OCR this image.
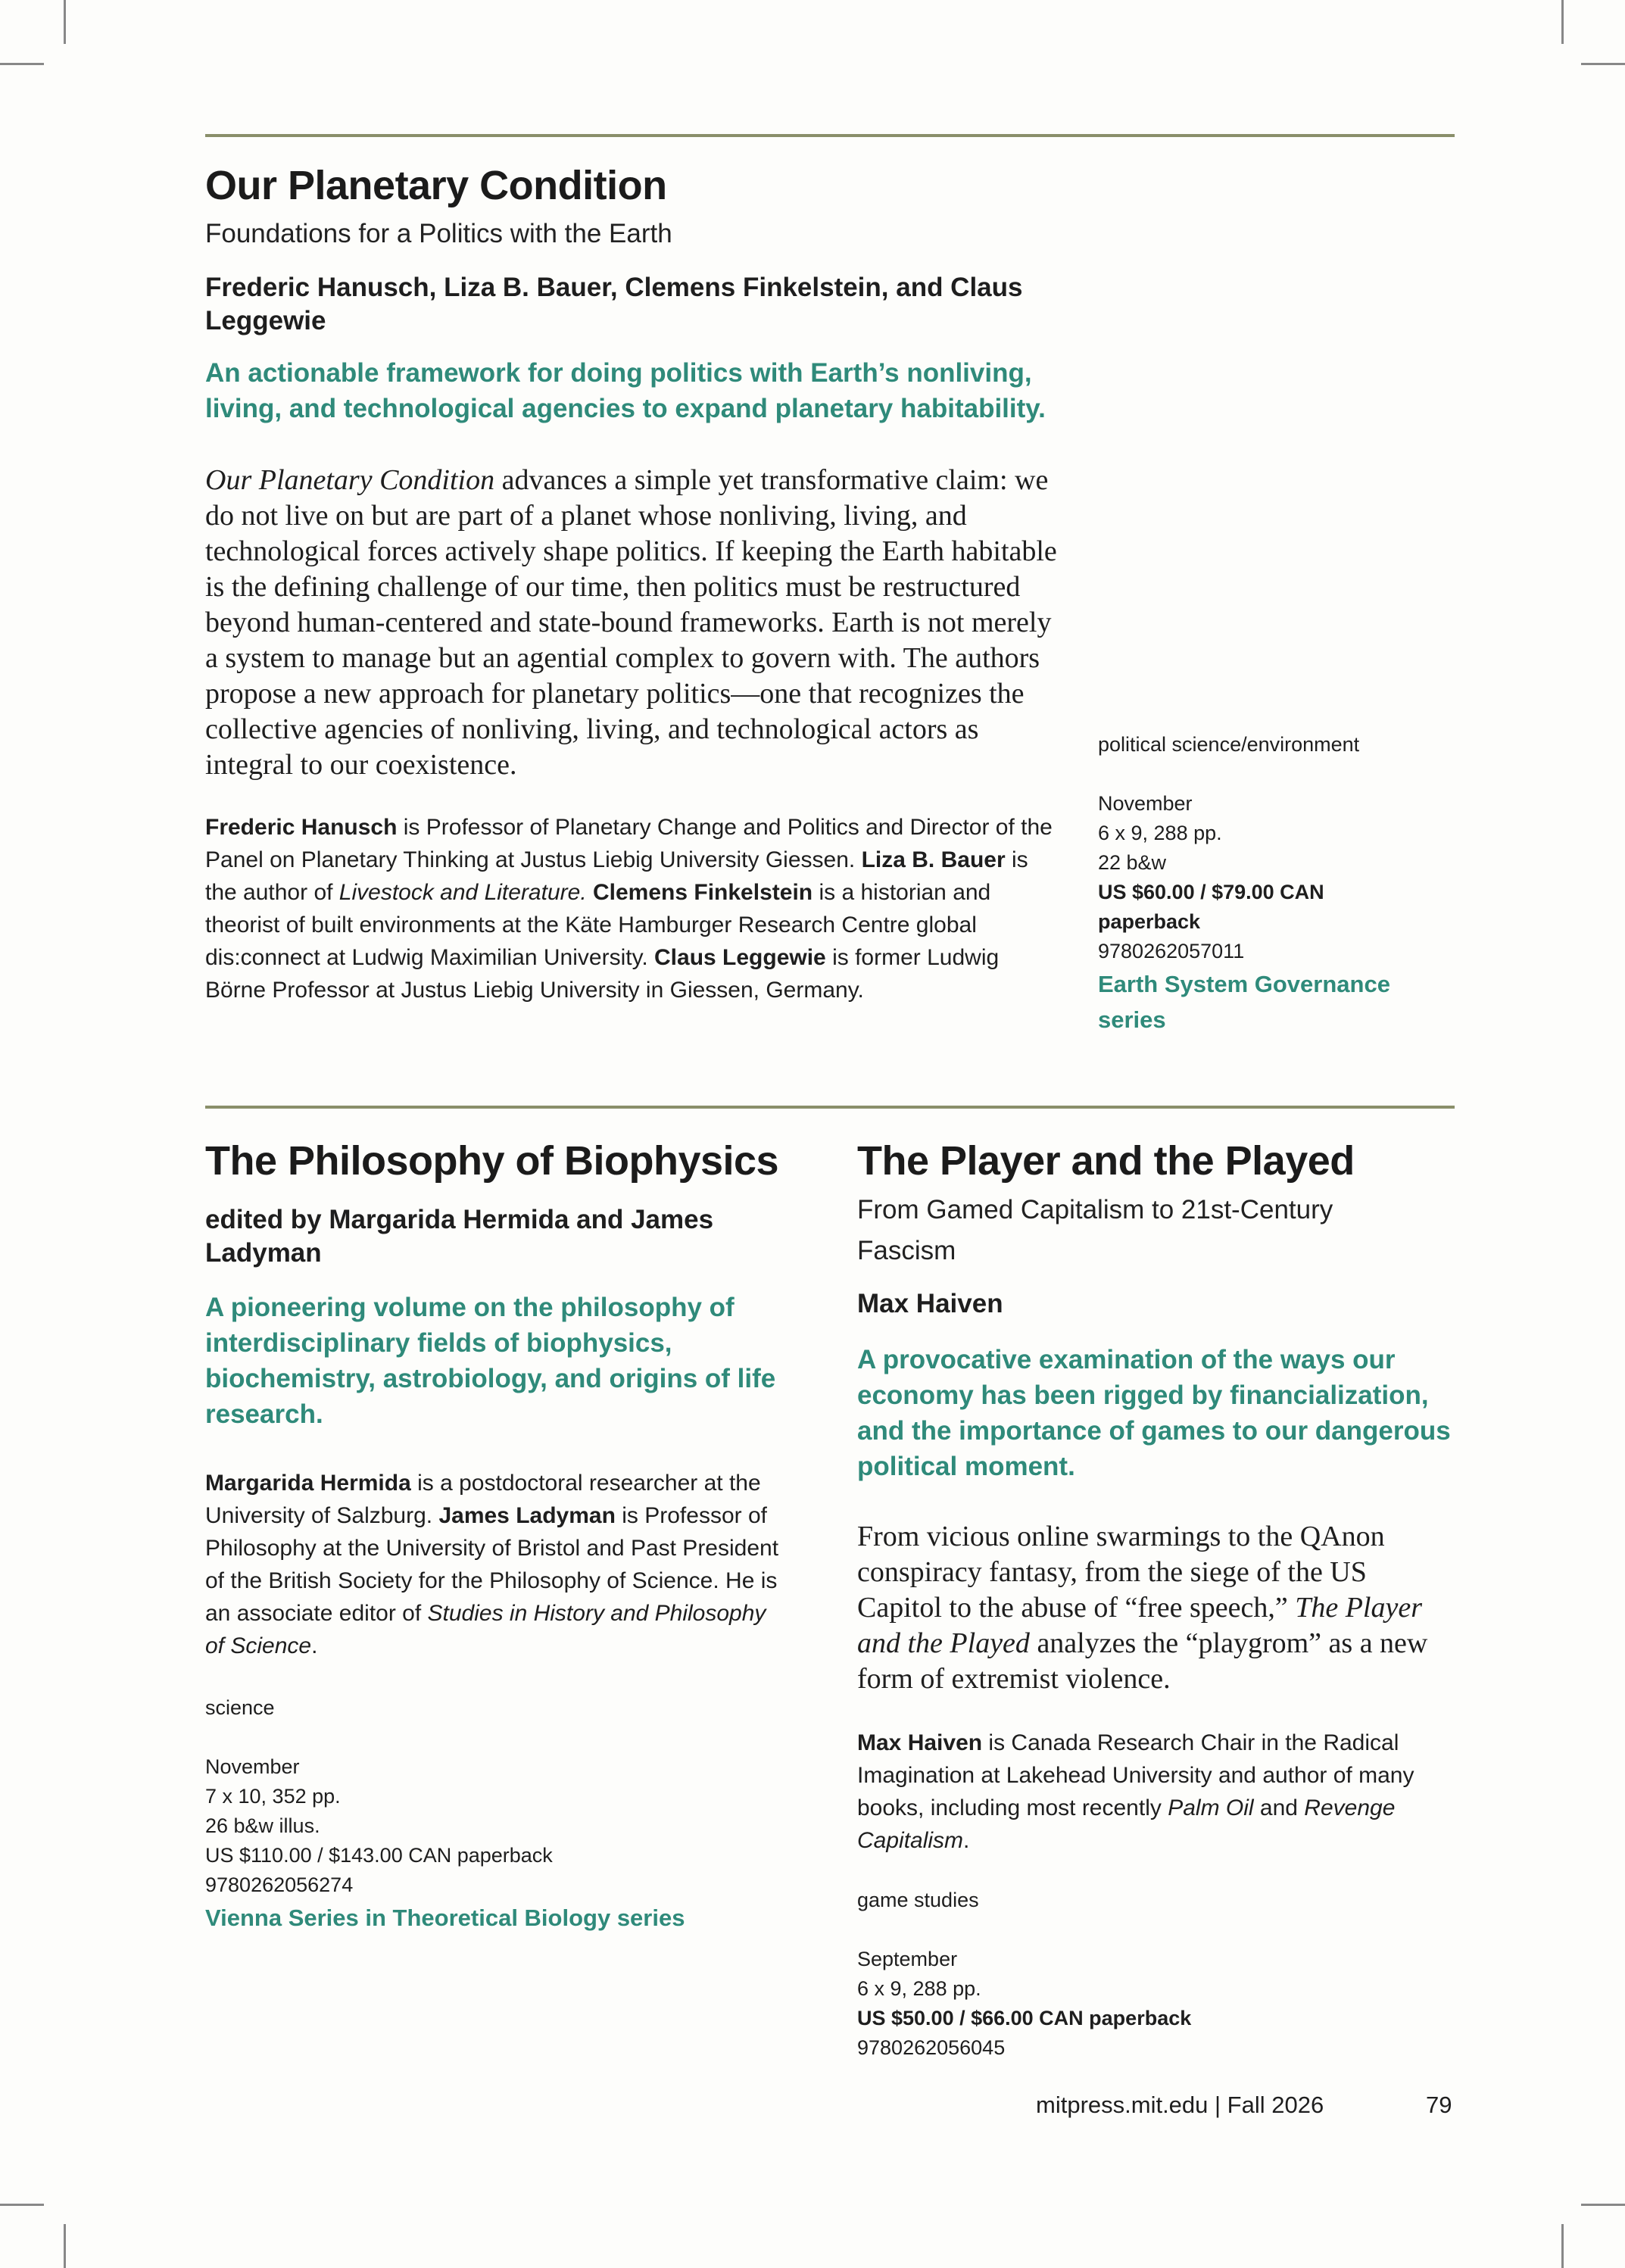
Our Planetary Condition
Foundations for a Politics with the Earth
Frederic Hanusch, Liza B. Bauer, Clemens Finkelstein, and Claus Leggewie
An actionable framework for doing politics with Earth’s nonliving, living, and technological agencies to expand planetary habitability.
Our Planetary Condition advances a simple yet transformative claim: we do not live on but are part of a planet whose nonliving, living, and technological forces actively shape politics. If keeping the Earth habitable is the defining challenge of our time, then politics must be restructured beyond human-centered and state-bound frameworks. Earth is not merely a system to manage but an agential complex to govern with. The authors propose a new approach for planetary politics—one that recognizes the collective agencies of nonliving, living, and technological actors as integral to our coexistence.
Frederic Hanusch is Professor of Planetary Change and Politics and Director of the Panel on Planetary Thinking at Justus Liebig University Giessen. Liza B. Bauer is the author of Livestock and Literature. Clemens Finkelstein is a historian and theorist of built environments at the Käte Hamburger Research Centre global dis:connect at Ludwig Maximilian University. Claus Leggewie is former Ludwig Börne Professor at Justus Liebig University in Giessen, Germany.
political science/environment
November
6 x 9, 288 pp.
22 b&w
US $60.00 / $79.00 CAN
paperback
9780262057011
Earth System Governance series
The Philosophy of Biophysics
edited by Margarida Hermida and James Ladyman
A pioneering volume on the philosophy of interdisciplinary fields of biophysics, biochemistry, astrobiology, and origins of life research.
Margarida Hermida is a postdoctoral researcher at the University of Salzburg. James Ladyman is Professor of Philosophy at the University of Bristol and Past President of the British Society for the Philosophy of Science. He is an associate editor of Studies in History and Philosophy of Science.
science
November
7 x 10, 352 pp.
26 b&w illus.
US $110.00 / $143.00 CAN paperback
9780262056274
Vienna Series in Theoretical Biology series
The Player and the Played
From Gamed Capitalism to 21st-Century Fascism
Max Haiven
A provocative examination of the ways our economy has been rigged by financialization, and the importance of games to our dangerous political moment.
From vicious online swarmings to the QAnon conspiracy fantasy, from the siege of the US Capitol to the abuse of “free speech,” The Player and the Played analyzes the “playgrom” as a new form of extremist violence.
Max Haiven is Canada Research Chair in the Radical Imagination at Lakehead University and author of many books, including most recently Palm Oil and Revenge Capitalism.
game studies
September
6 x 9, 288 pp.
US $50.00 / $66.00 CAN paperback
9780262056045
mitpress.mit.edu | Fall 2026	79
